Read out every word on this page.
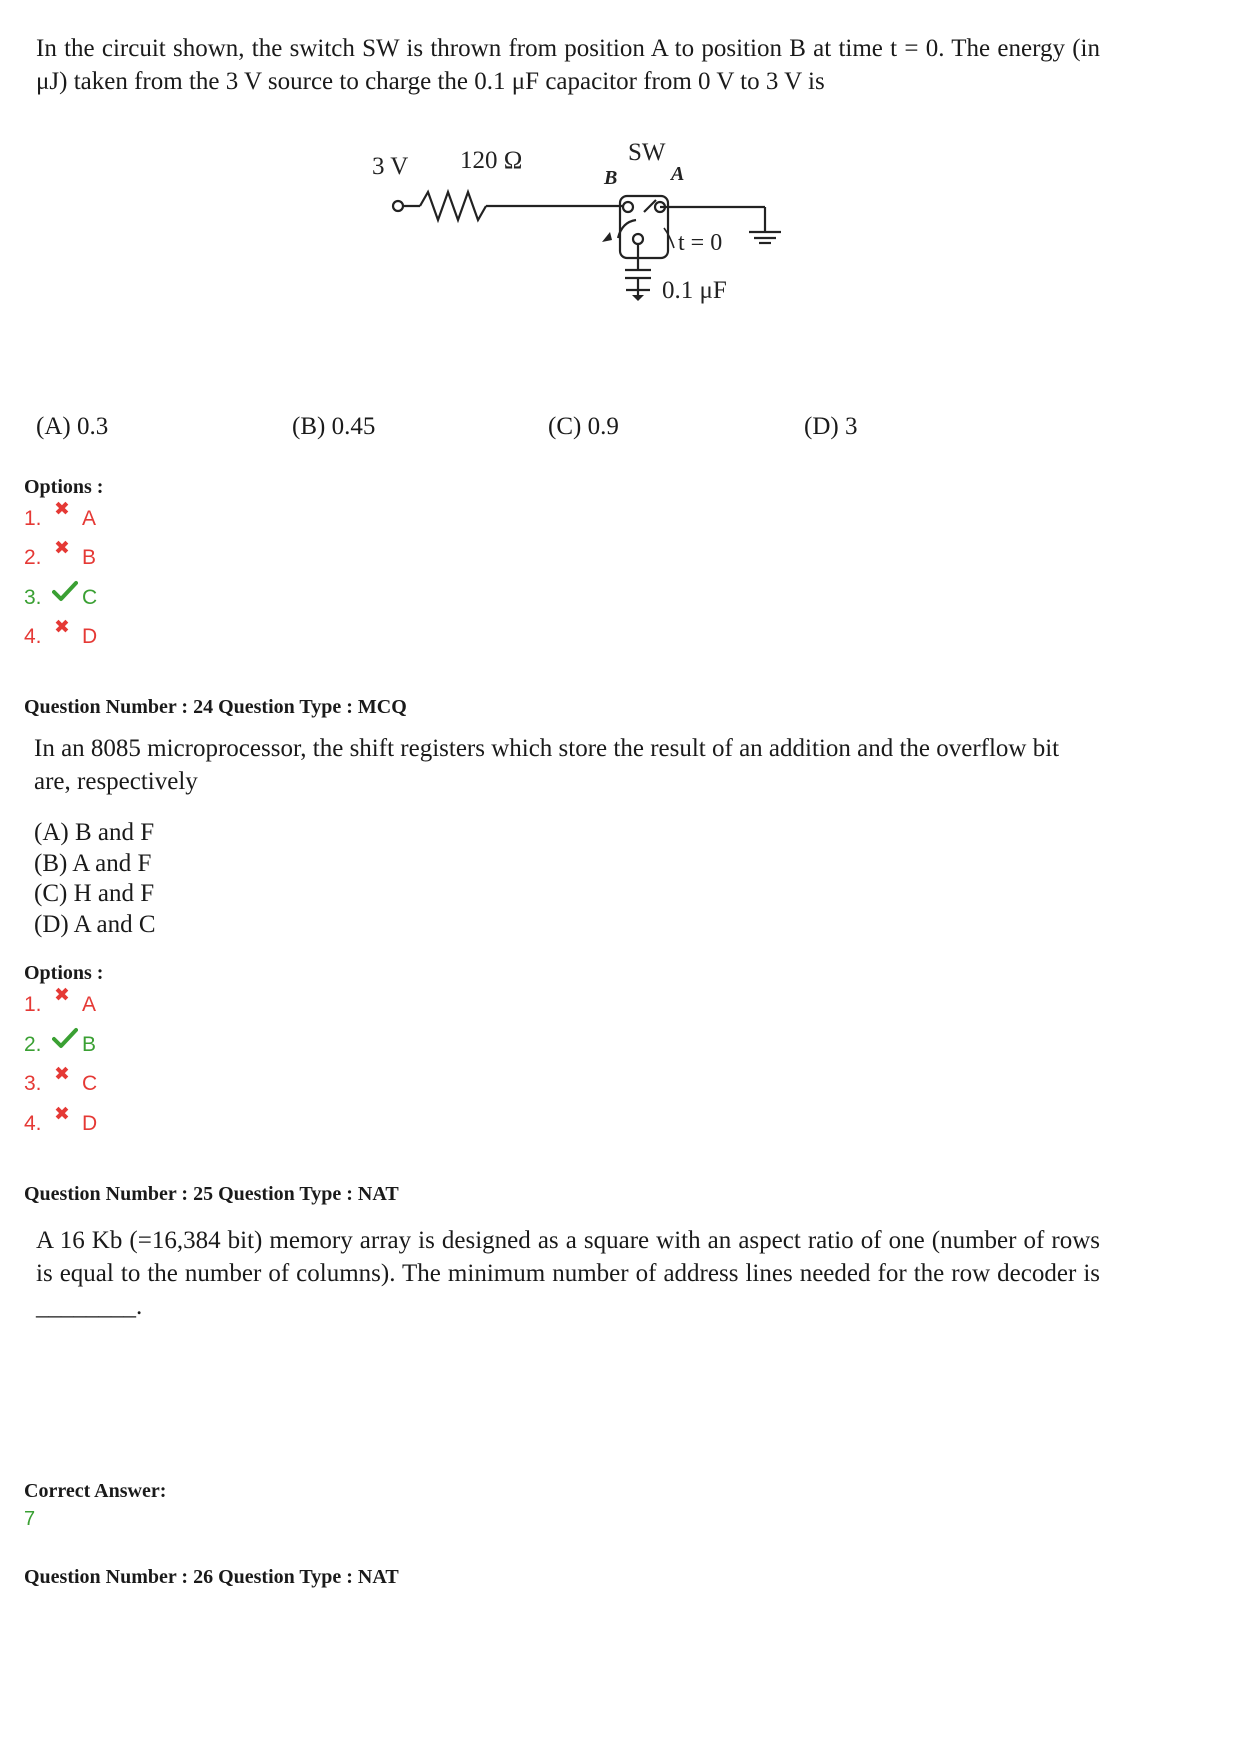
In the circuit shown, the switch SW is thrown from position A to position B at time t = 0. The energy (in μJ) taken from the 3 V source to charge the 0.1 μF capacitor from 0 V to 3 V is
3 V 120 Ω	SW
B	A
t = 0
0.1 μF
(A) 0.3	(B) 0.45	(C) 0.9	(D) 3
Options :
1. ✖ A
2. ✖ B
3.	C
4. ✖ D
Question Number : 24 Question Type : MCQ
In an 8085 microprocessor, the shift registers which store the result of an addition and the overflow bit are, respectively
(A) B and F
(B) A and F
(C) H and F
(D) A and C
Options :
1. ✖ A
2.	B
3. ✖ C
4. ✖ D
Question Number : 25 Question Type : NAT
A 16 Kb (=16,384 bit) memory array is designed as a square with an aspect ratio of one (number of rows is equal to the number of columns). The minimum number of address lines needed for the row decoder is ________.
Correct Answer:
7
Question Number : 26 Question Type : NAT
